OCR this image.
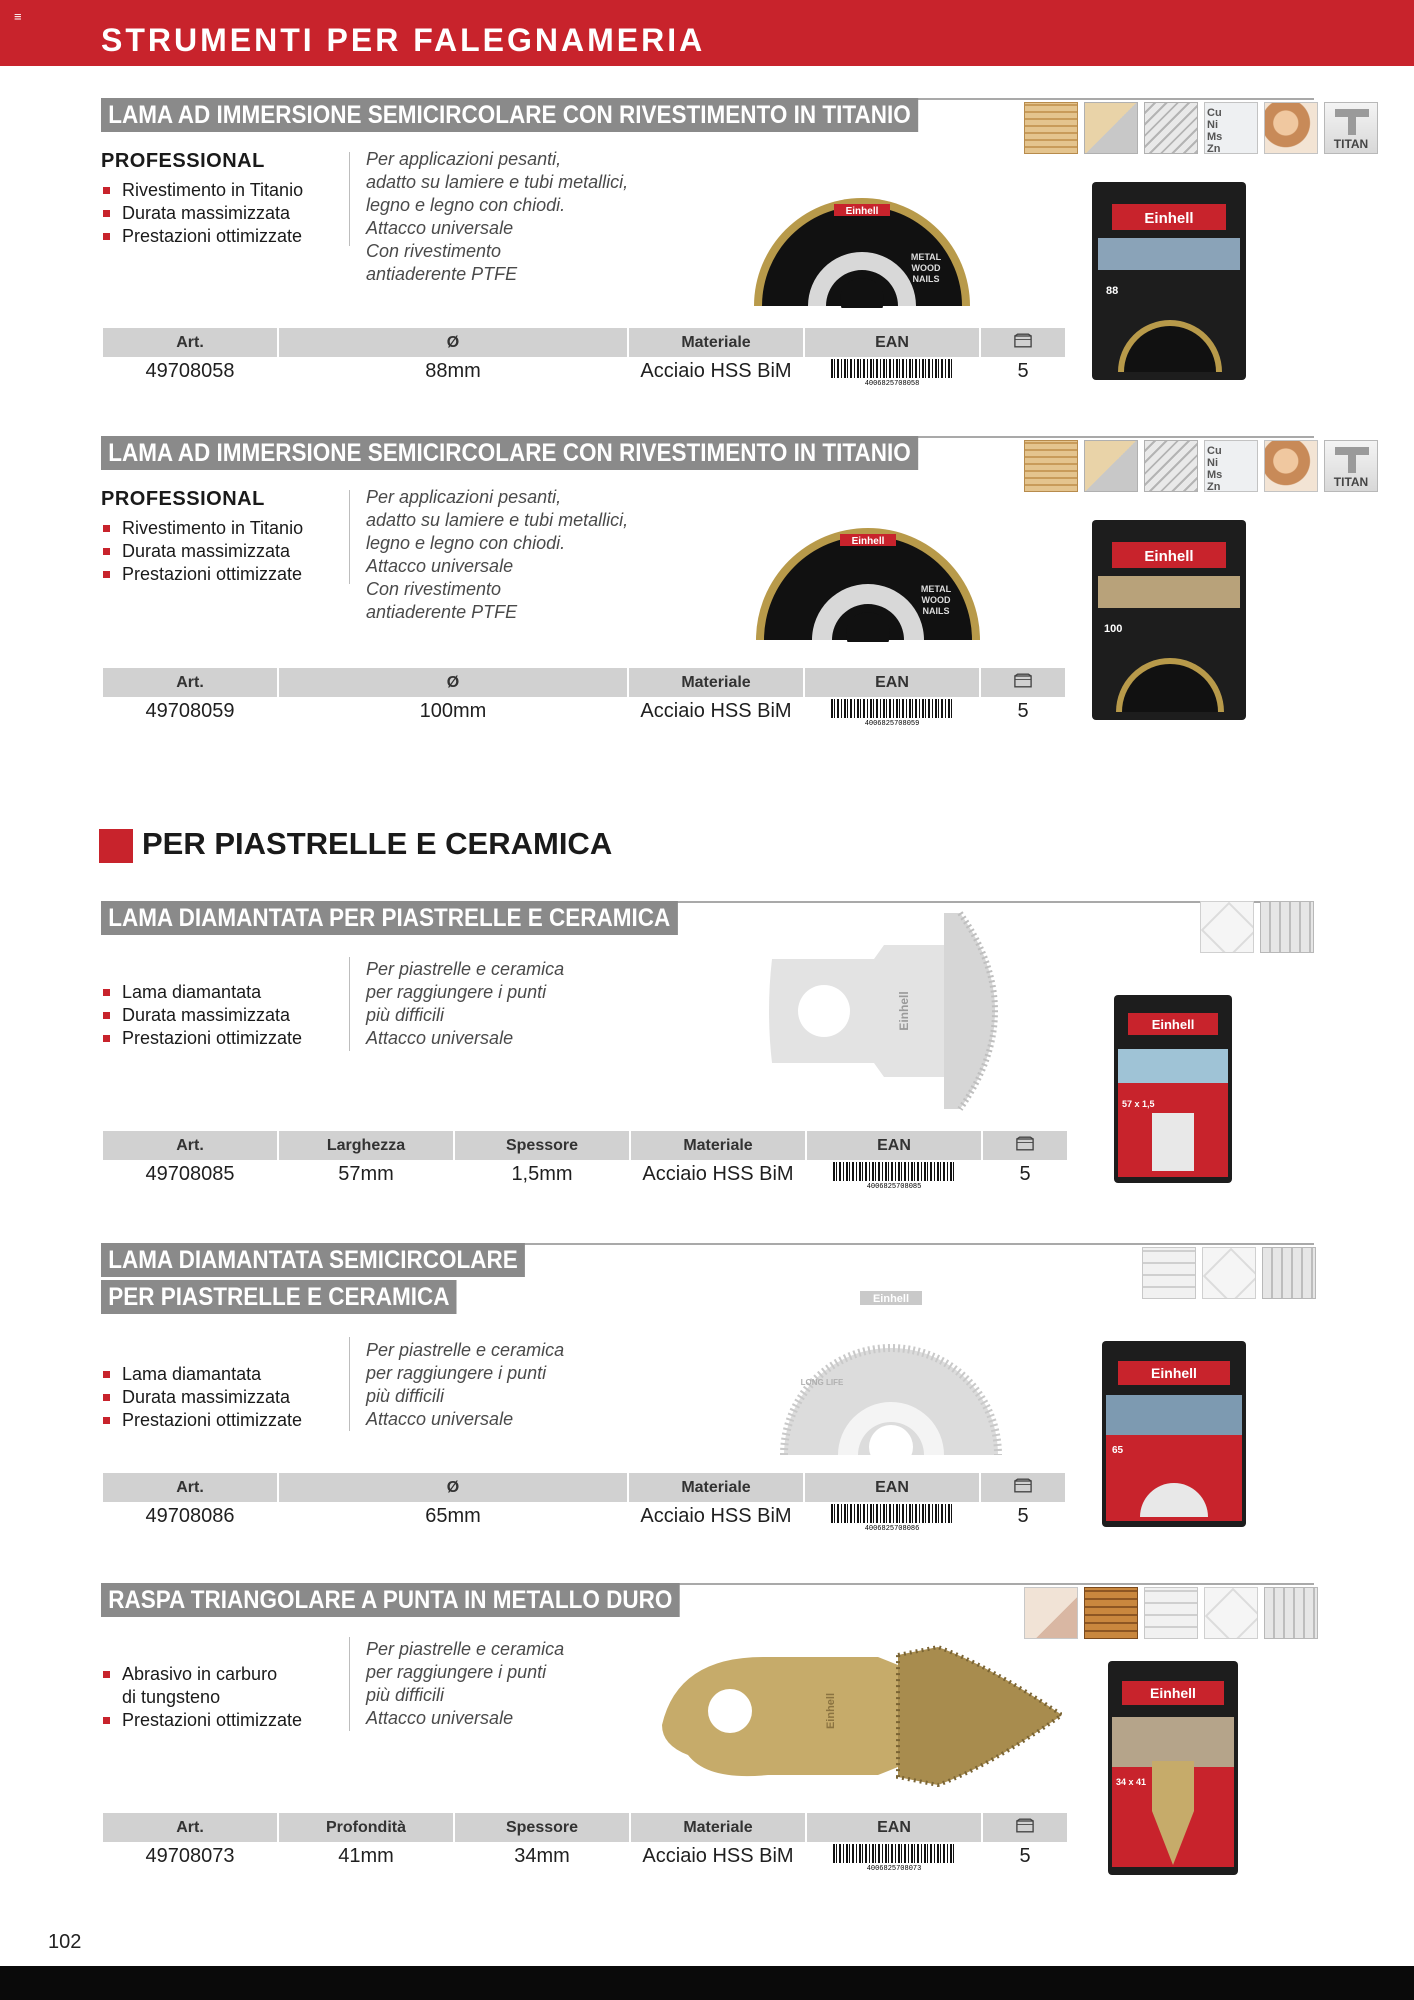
≡
STRUMENTI PER FALEGNAMERIA
LAMA AD IMMERSIONE SEMICIRCOLARE CON RIVESTIMENTO IN TITANIO	Cu
Ni
Ms
Zn	TITAN
PROFESSIONAL
Rivestimento in Titanio
Durata massimizzata
Prestazioni ottimizzate
Per applicazioni pesanti,
adatto su lamiere e tubi metallici,
legno e legno con chiodi.
Attacco universale
Con rivestimento
antiaderente PTFE
Einhell
METAL
WOOD
NAILS
Einhell
88
Art.	Ø	Materiale	EAN	
49708058	88mm	Acciaio HSS BiM	4006825708058	5
LAMA AD IMMERSIONE SEMICIRCOLARE CON RIVESTIMENTO IN TITANIO	Cu
Ni
Ms
Zn	TITAN
PROFESSIONAL
Rivestimento in Titanio
Durata massimizzata
Prestazioni ottimizzate
Per applicazioni pesanti,
adatto su lamiere e tubi metallici,
legno e legno con chiodi.
Attacco universale
Con rivestimento
antiaderente PTFE
Einhell
METAL
WOOD
NAILS
Einhell
100
Art.	Ø	Materiale	EAN	
49708059	100mm	Acciaio HSS BiM	4006825708059	5
PER PIASTRELLE E CERAMICA
LAMA DIAMANTATA PER PIASTRELLE E CERAMICA
Lama diamantata
Durata massimizzata
Prestazioni ottimizzate
Per piastrelle e ceramica
per raggiungere i punti
più difficili
Attacco universale
Einhell	Einhell
57 x 1,5
Art.	Larghezza	Spessore	Materiale	EAN	
49708085	57mm	1,5mm	Acciaio HSS BiM	4006825708085	5
LAMA DIAMANTATA SEMICIRCOLARE
PER PIASTRELLE E CERAMICA
Lama diamantata
Durata massimizzata
Prestazioni ottimizzate
Per piastrelle e ceramica
per raggiungere i punti
più difficili
Attacco universale
Einhell
LONG LIFE
Einhell
65
Art.	Ø	Materiale	EAN	
49708086	65mm	Acciaio HSS BiM	4006825708086	5
RASPA TRIANGOLARE A PUNTA IN METALLO DURO
Abrasivo in carburo
di tungsteno
Prestazioni ottimizzate
Per piastrelle e ceramica
per raggiungere i punti
più difficili
Attacco universale	Einhell	Einhell
34 x 41
Art.	Profondità	Spessore	Materiale	EAN	
49708073	41mm	34mm	Acciaio HSS BiM	4006825708073	5
102
